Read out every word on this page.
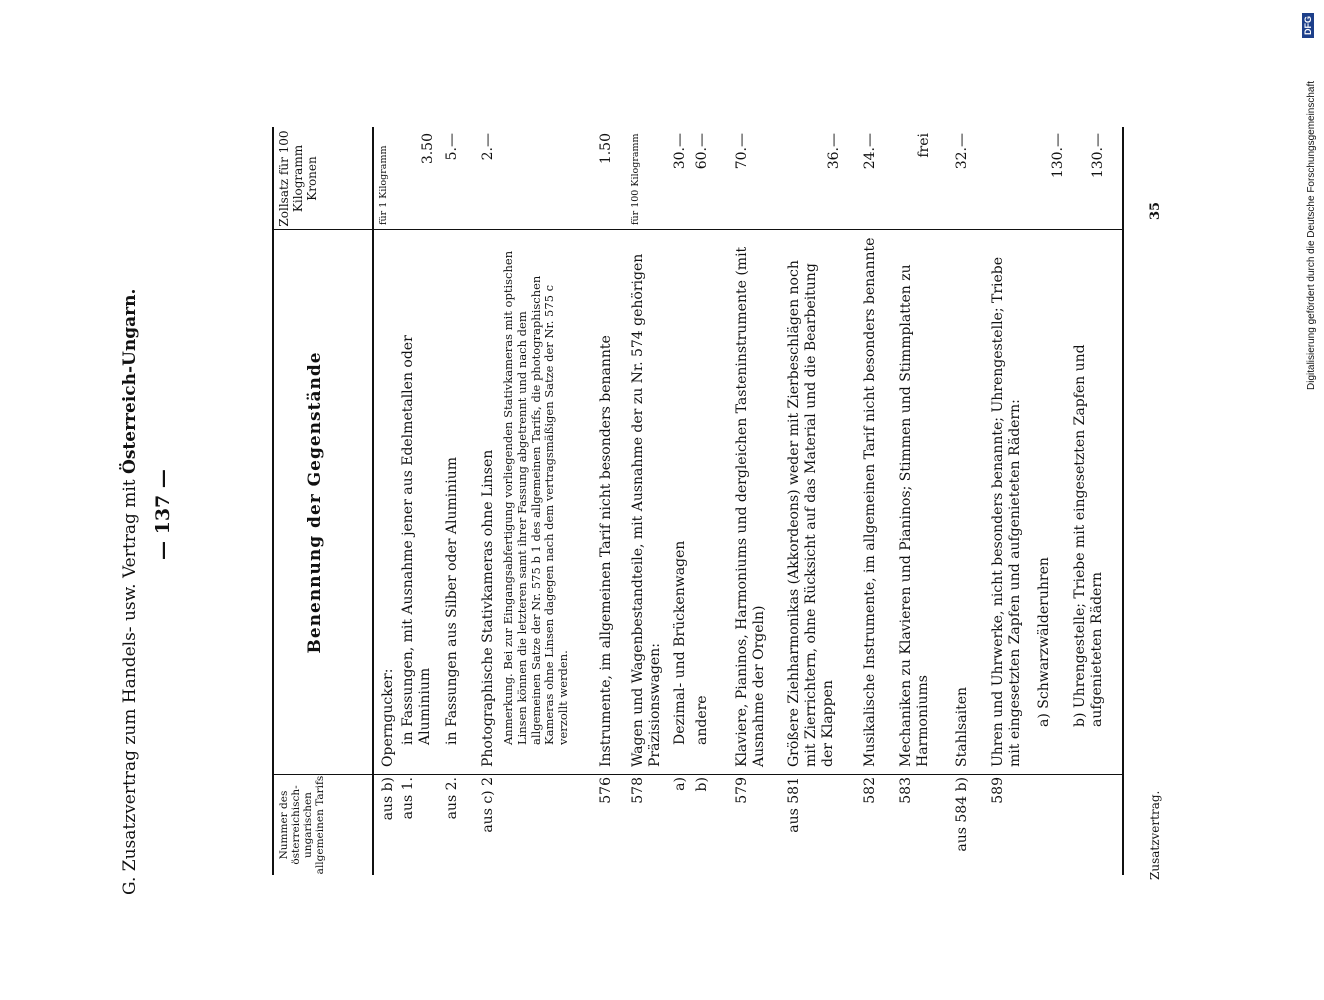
G. Zusatzvertrag zum Handels- usw. Vertrag mit Österreich-Ungarn.
— 137 —
Nummer des österreichisch-ungarischen allgemeinen Tarifs
Benennung der Gegenstände
Zollsatz für 100 Kilogramm Kronen	für 1 Kilogramm
aus b)
Operngucker:
aus 1.
in Fassungen, mit Ausnahme jener aus Edelmetallen oder Aluminium
3.50
aus 2.
in Fassungen aus Silber oder Aluminium
5.—
aus c) 2
Photographische Stativkameras ohne Linsen
2.—
Anmerkung. Bei zur Eingangsabfertigung vorliegenden Stativkameras mit optischen Linsen können die letzteren samt ihrer Fassung abgetrennt und nach dem allgemeinen Satze der Nr. 575 b 1 des allgemeinen Tarifs, die photographischen Kameras ohne Linsen dagegen nach dem vertragsmäßigen Satze der Nr. 575 c verzollt werden.
576
Instrumente, im allgemeinen Tarif nicht besonders benannte
1.50
578
Wagen und Wagenbestandteile, mit Ausnahme der zu Nr. 574 gehörigen Präzisionswagen:
für 100 Kilogramm
a)
Dezimal- und Brückenwagen
30.—
b)
andere
60.—
579
Klaviere, Pianinos, Harmoniums und dergleichen Tasteninstrumente (mit Ausnahme der Orgeln)
70.—
aus 581
Größere Ziehharmonikas (Akkordeons) weder mit Zierbeschlägen noch mit Zierrichtern, ohne Rücksicht auf das Material und die Bearbeitung der Klappen
36.—
582
Musikalische Instrumente, im allgemeinen Tarif nicht besonders benannte
24.—
583
Mechaniken zu Klavieren und Pianinos; Stimmen und Stimmplatten zu Harmoniums
frei
aus 584 b)
Stahlsaiten
32.—
589
Uhren und Uhrwerke, nicht besonders benannte; Uhrengestelle; Triebe mit eingesetzten Zapfen und aufgenieteten Rädern: a) Schwarzwälderuhren
130.—
b) Uhrengestelle; Triebe mit eingesetzten Zapfen und aufgenieteten Rädern
130.—
Zusatzvertrag.
35	Digitalisierung gefördert durch die Deutsche Forschungsgemeinschaft
DFG
